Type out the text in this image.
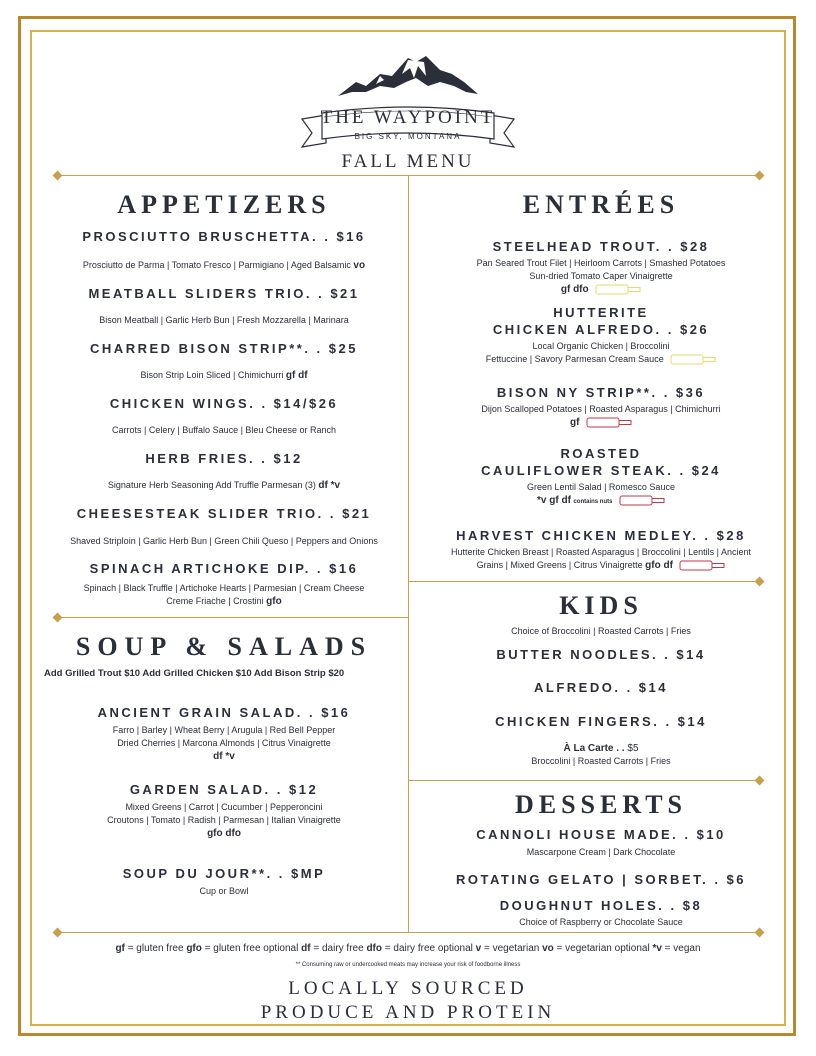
THE WAYPOINT
BIG SKY, MONTANA
FALL MENU
APPETIZERS

PROSCIUTTO BRUSCHETTA. . $16

Prosciutto de Parma | Tomato Fresco | Parmigiano | Aged Balsamic vo

MEATBALL SLIDERS TRIO. . $21

Bison Meatball | Garlic Herb Bun | Fresh Mozzarella | Marinara

CHARRED BISON STRIP**. . $25

Bison Strip Loin Sliced | Chimichurri gf df

CHICKEN WINGS. . $14/$26

Carrots | Celery | Buffalo Sauce | Bleu Cheese or Ranch

HERB FRIES. . $12

Signature Herb Seasoning Add Truffle Parmesan (3) df *v

CHEESESTEAK SLIDER TRIO. . $21

Shaved Striploin | Garlic Herb Bun | Green Chili Queso | Peppers and Onions

SPINACH ARTICHOKE DIP. . $16

Spinach | Black Truffle | Artichoke Hearts | Parmesian | Cream Cheese

Creme Friache | Crostini gfo

SOUP & SALADS

Add Grilled Trout $10 Add Grilled Chicken $10 Add Bison Strip $20

ANCIENT GRAIN SALAD. . $16

Farro | Barley | Wheat Berry | Arugula | Red Bell Pepper

Dried Cherries | Marcona Almonds | Citrus Vinaigrette

df *v

GARDEN SALAD. . $12

Mixed Greens | Carrot | Cucumber | Pepperoncini

Croutons | Tomato | Radish | Parmesan | Italian Vinaigrette

gfo dfo

SOUP DU JOUR**. . $MP

Cup or Bowl

ENTRÉES

STEELHEAD TROUT. . $28

Pan Seared Trout Filet | Heirloom Carrots | Smashed Potatoes

Sun-dried Tomato Caper Vinaigrette

gf dfo

HUTTERITE

CHICKEN ALFREDO. . $26

Local Organic Chicken | Broccolini

Fettuccine | Savory Parmesan Cream Sauce

BISON NY STRIP**. . $36

Dijon Scalloped Potatoes | Roasted Asparagus | Chimichurri

gf

ROASTED

CAULIFLOWER STEAK. . $24

Green Lentil Salad | Romesco Sauce

*v gf df contains nuts

HARVEST CHICKEN MEDLEY. . $28

Hutterite Chicken Breast | Roasted Asparagus | Broccolini | Lentils | Ancient

Grains | Mixed Greens | Citrus Vinaigrette gfo df

KIDS

Choice of Broccolini | Roasted Carrots | Fries

BUTTER NOODLES. . $14

ALFREDO. . $14

CHICKEN FINGERS. . $14

À La Carte . . $5

Broccolini | Roasted Carrots | Fries

DESSERTS

CANNOLI HOUSE MADE. . $10

Mascarpone Cream | Dark Chocolate

ROTATING GELATO | SORBET. . $6

DOUGHNUT HOLES. . $8

Choice of Raspberry or Chocolate Sauce

gf = gluten free gfo = gluten free optional df = dairy free dfo = dairy free optional v = vegetarian vo = vegetarian optional *v = vegan
** Consuming raw or undercooked meats may increase your risk of foodborne illness
LOCALLY SOURCED
PRODUCE AND PROTEIN
